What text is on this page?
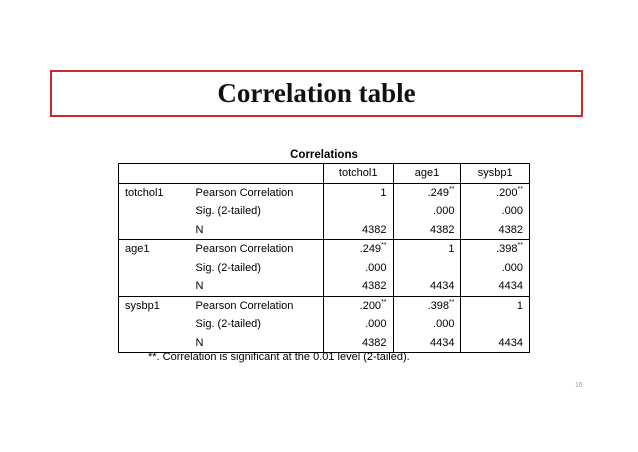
Correlation table
Correlations
		totchol1	age1	sysbp1
totchol1	Pearson Correlation	1	.249**	.200**
	Sig. (2-tailed)		.000	.000
	N	4382	4382	4382
age1	Pearson Correlation	.249**	1	.398**
	Sig. (2-tailed)	.000		.000
	N	4382	4434	4434
sysbp1	Pearson Correlation	.200**	.398**	1
	Sig. (2-tailed)	.000	.000	
	N	4382	4434	4434
**. Correlation is significant at the 0.01 level (2-tailed).
16
